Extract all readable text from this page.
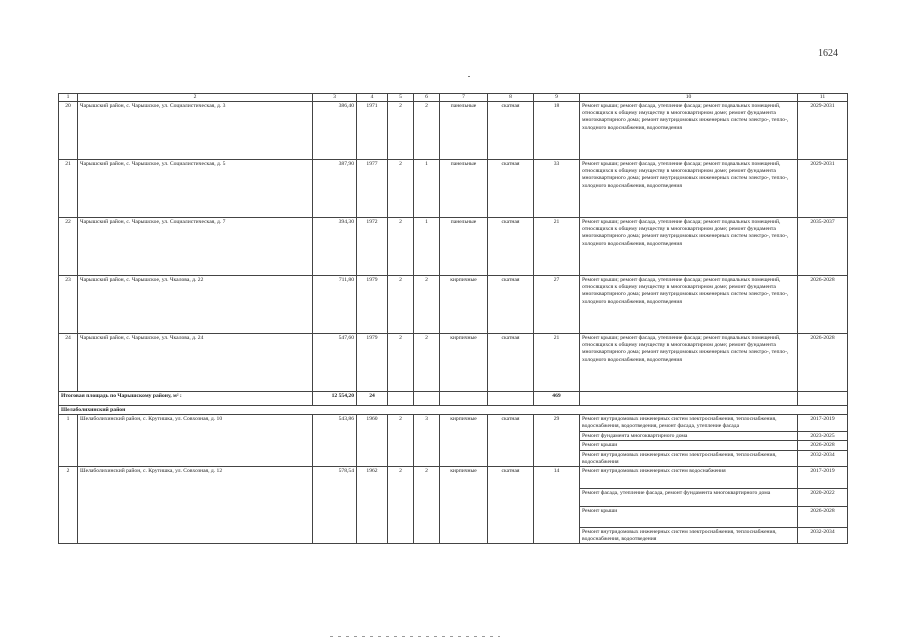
1624
1	2	3	4	5	6	7	8	9	10	11
20	Чарышский район, с. Чарышское, ул. Социалистическая, д. 3	386,40	1971	2	2	панельные	скатная	18	Ремонт крыши; ремонт фасада, утепление фасада; ремонт подвальных помещений, относящихся к общему имуществу в многоквартирном доме; ремонт фундамента многоквартирного дома; ремонт внутридомовых инженерных систем электро-, тепло-, холодного водоснабжения, водоотведения	2029-2031
21	Чарышский район, с. Чарышское, ул. Социалистическая, д. 5	387,90	1977	2	1	панельные	скатная	33	Ремонт крыши; ремонт фасада, утепление фасада; ремонт подвальных помещений, относящихся к общему имуществу в многоквартирном доме; ремонт фундамента многоквартирного дома; ремонт внутридомовых инженерных систем электро-, тепло-, холодного водоснабжения, водоотведения	2029-2031
22	Чарышский район, с. Чарышское, ул. Социалистическая, д. 7	394,30	1972	2	1	панельные	скатная	21	Ремонт крыши; ремонт фасада, утепление фасада; ремонт подвальных помещений, относящихся к общему имуществу в многоквартирном доме; ремонт фундамента многоквартирного дома; ремонт внутридомовых инженерных систем электро-, тепло-, холодного водоснабжения, водоотведения	2035-2037
23	Чарышский район, с. Чарышское, ул. Чкалова, д. 22	711,80	1979	2	2	кирпичные	скатная	27	Ремонт крыши; ремонт фасада, утепление фасада; ремонт подвальных помещений, относящихся к общему имуществу в многоквартирном доме; ремонт фундамента многоквартирного дома; ремонт внутридомовых инженерных систем электро-, тепло-, холодного водоснабжения, водоотведения	2026-2028
24	Чарышский район, с. Чарышское, ул. Чкалова, д. 24	547,60	1979	2	2	кирпичные	скатная	21	Ремонт крыши; ремонт фасада, утепление фасада; ремонт подвальных помещений, относящихся к общему имуществу в многоквартирном доме; ремонт фундамента многоквартирного дома; ремонт внутридомовых инженерных систем электро-, тепло-, холодного водоснабжения, водоотведения	2026-2028
Итоговая площадь по Чарышскому району, м² :		12 554,20	24					469		
Шелаболихинский район										
1	Шелаболихинский район, с. Крутишка, ул. Совхозная, д. 10	543,86	1960	2	3	кирпичные	скатная	29	Ремонт внутридомовых инженерных систем электроснабжения, теплоснабжения, водоснабжения, водоотведения, ремонт фасада, утепление фасада	2017-2019
									Ремонт фундамента многоквартирного дома	2023-2025
									Ремонт крыши	2026-2028
									Ремонт внутридомовых инженерных систем электроснабжения, теплоснабжения, водоснабжения	2032-2034
2	Шелаболихинский район, с. Крутишка, ул. Совхозная, д. 12	578,54	1962	2	2	кирпичные	скатная	14	Ремонт внутридомовых инженерных систем водоснабжения	2017-2019
									Ремонт фасада, утепление фасада, ремонт фундамента многоквартирного дома	2020-2022
									Ремонт крыши	2026-2028
									Ремонт внутридомовых инженерных систем электроснабжения, теплоснабжения, водоснабжения, водоотведения	2032-2034
